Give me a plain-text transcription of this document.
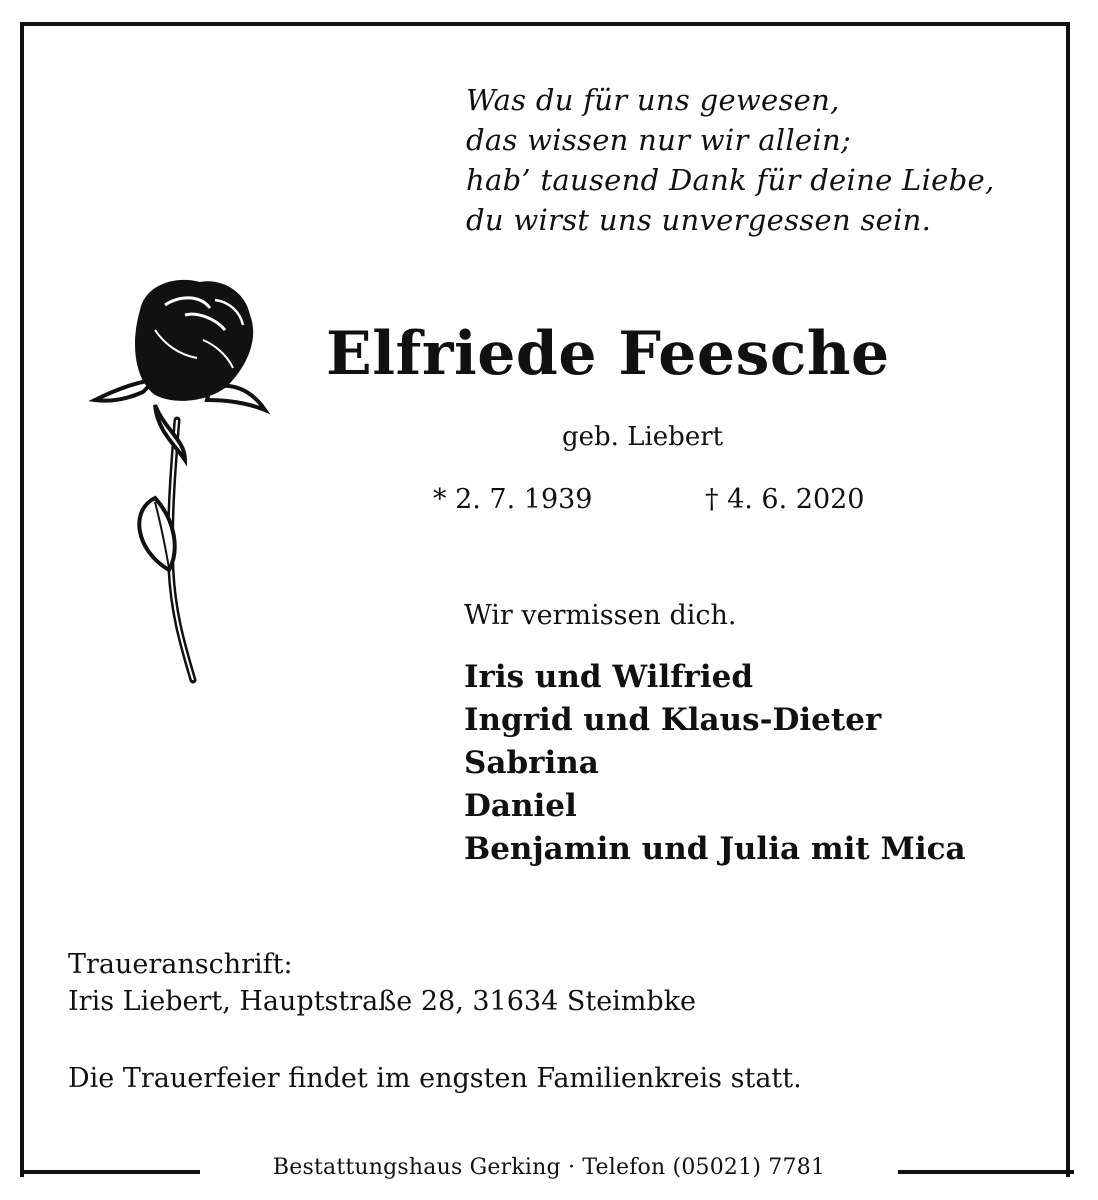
Was du für uns gewesen,
das wissen nur wir allein;
hab’ tausend Dank für deine Liebe,
du wirst uns unvergessen sein.
Elfriede Feesche
geb. Liebert
* 2. 7. 1939	† 4. 6. 2020
Wir vermissen dich.
Iris und Wilfried
Ingrid und Klaus-Dieter
Sabrina
Daniel
Benjamin und Julia mit Mica
Traueranschrift:
Iris Liebert, Hauptstraße 28, 31634 Steimbke
Die Trauerfeier findet im engsten Familienkreis statt.
Bestattungshaus Gerking · Telefon (05021) 7781
